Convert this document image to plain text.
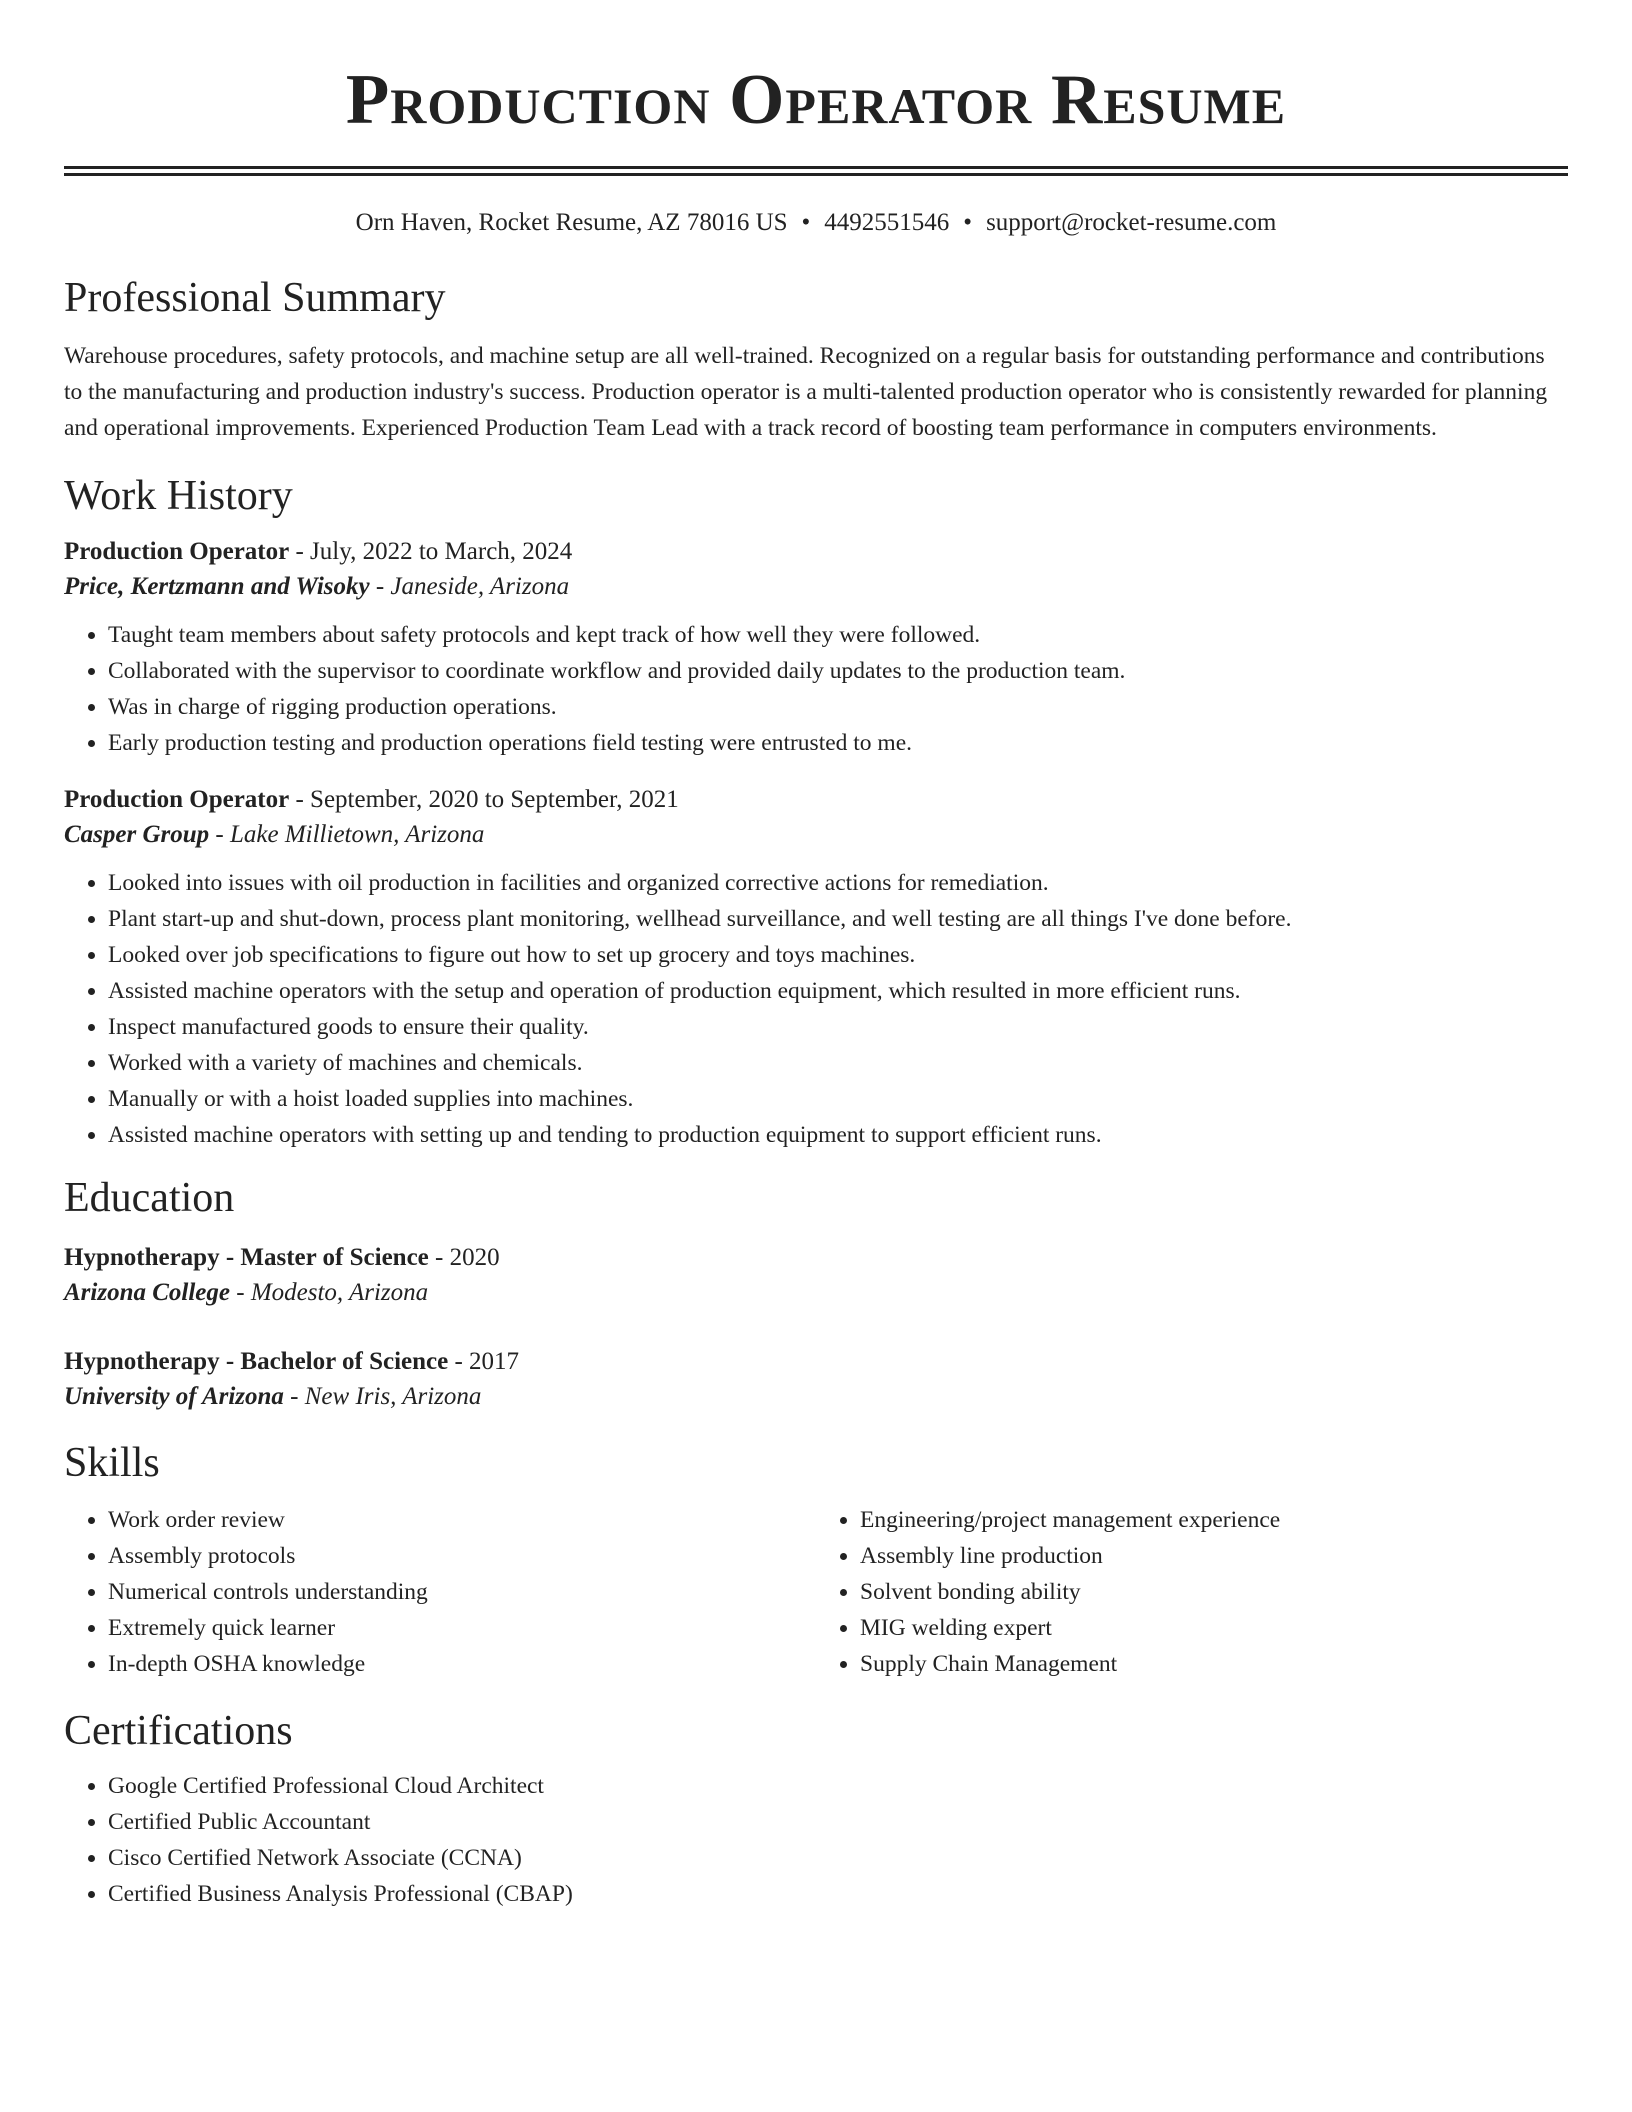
Production Operator Resume
Orn Haven, Rocket Resume, AZ 78016 US • 4492551546 • support@rocket-resume.com
Professional Summary

Warehouse procedures, safety protocols, and machine setup are all well-trained. Recognized on a regular basis for outstanding performance and contributions to the manufacturing and production industry's success. Production operator is a multi-talented production operator who is consistently rewarded for planning and operational improvements. Experienced Production Team Lead with a track record of boosting team performance in computers environments.

Work History
Production Operator - July, 2022 to March, 2024
Price, Kertzmann and Wisoky - Janeside, Arizona
• Taught team members about safety protocols and kept track of how well they were followed.
• Collaborated with the supervisor to coordinate workflow and provided daily updates to the production team.
• Was in charge of rigging production operations.
• Early production testing and production operations field testing were entrusted to me.
Production Operator - September, 2020 to September, 2021
Casper Group - Lake Millietown, Arizona
• Looked into issues with oil production in facilities and organized corrective actions for remediation.
• Plant start-up and shut-down, process plant monitoring, wellhead surveillance, and well testing are all things I've done before.
• Looked over job specifications to figure out how to set up grocery and toys machines.
• Assisted machine operators with the setup and operation of production equipment, which resulted in more efficient runs.
• Inspect manufactured goods to ensure their quality.
• Worked with a variety of machines and chemicals.
• Manually or with a hoist loaded supplies into machines.
• Assisted machine operators with setting up and tending to production equipment to support efficient runs.
Education
Hypnotherapy - Master of Science - 2020
Arizona College - Modesto, Arizona
Hypnotherapy - Bachelor of Science - 2017
University of Arizona - New Iris, Arizona
Skills
• Work order review
• Assembly protocols
• Numerical controls understanding
• Extremely quick learner
• In-depth OSHA knowledge
• Engineering/project management experience
• Assembly line production
• Solvent bonding ability
• MIG welding expert
• Supply Chain Management
Certifications
• Google Certified Professional Cloud Architect
• Certified Public Accountant
• Cisco Certified Network Associate (CCNA)
• Certified Business Analysis Professional (CBAP)
